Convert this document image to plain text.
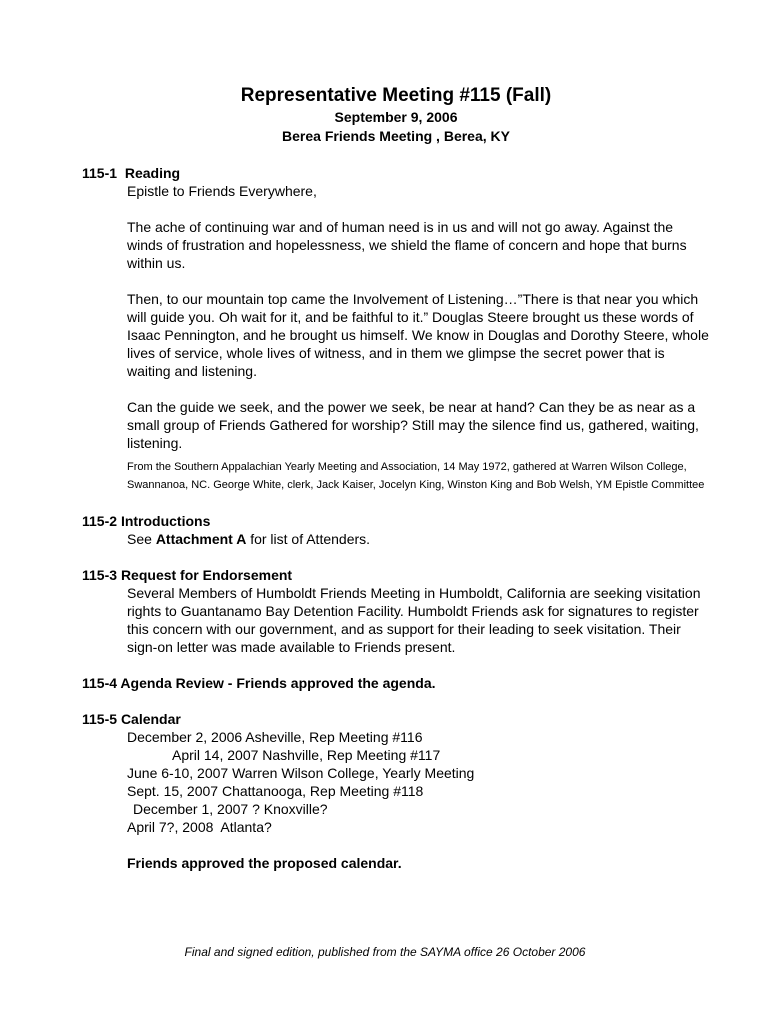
Representative Meeting #115 (Fall)

September 9, 2006

Berea Friends Meeting , Berea, KY

115-1 Reading

Epistle to Friends Everywhere,

The ache of continuing war and of human need is in us and will not go away. Against the winds of frustration and hopelessness, we shield the flame of concern and hope that burns within us.

Then, to our mountain top came the Involvement of Listening…”There is that near you which will guide you. Oh wait for it, and be faithful to it.” Douglas Steere brought us these words of Isaac Pennington, and he brought us himself. We know in Douglas and Dorothy Steere, whole lives of service, whole lives of witness, and in them we glimpse the secret power that is waiting and listening.

Can the guide we seek, and the power we seek, be near at hand? Can they be as near as a small group of Friends Gathered for worship? Still may the silence find us, gathered, waiting, listening.

From the Southern Appalachian Yearly Meeting and Association, 14 May 1972, gathered at Warren Wilson College, Swannanoa, NC. George White, clerk, Jack Kaiser, Jocelyn King, Winston King and Bob Welsh, YM Epistle Committee

115-2 Introductions
See Attachment A for list of Attenders.
115-3 Request for Endorsement
Several Members of Humboldt Friends Meeting in Humboldt, California are seeking visitation rights to Guantanamo Bay Detention Facility. Humboldt Friends ask for signatures to register this concern with our government, and as support for their leading to seek visitation. Their sign-on letter was made available to Friends present.
115-4 Agenda Review - Friends approved the agenda.
115-5 Calendar
December 2, 2006 Asheville, Rep Meeting #116
April 14, 2007 Nashville, Rep Meeting #117
June 6-10, 2007 Warren Wilson College, Yearly Meeting
Sept. 15, 2007 Chattanooga, Rep Meeting #118
December 1, 2007 ? Knoxville?
April 7?, 2008  Atlanta?
Friends approved the proposed calendar.
Final and signed edition, published from the SAYMA office 26 October 2006
